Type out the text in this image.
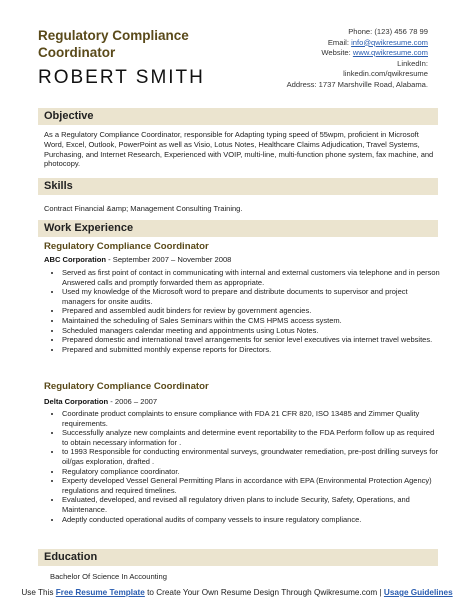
Regulatory Compliance Coordinator
ROBERT SMITH
Phone: (123) 456 78 99
Email: info@qwikresume.com
Website: www.qwikresume.com
LinkedIn:
linkedin.com/qwikresume
Address: 1737 Marshville Road, Alabama.
Objective
As a Regulatory Compliance Coordinator, responsible for Adapting typing speed of 55wpm, proficient in Microsoft Word, Excel, Outlook, PowerPoint as well as Visio, Lotus Notes, Healthcare Claims Adjudication, Travel Systems, Purchasing, and Internet Research, Experienced with VOIP, multi-line, multi-function phone system, fax machine, and photocopy.
Skills
Contract Financial &amp; Management Consulting Training.
Work Experience
Regulatory Compliance Coordinator
ABC Corporation - September 2007 – November 2008
• Served as first point of contact in communicating with internal and external customers via telephone and in person Answered calls and promptly forwarded them as appropriate.
• Used my knowledge of the Microsoft word to prepare and distribute documents to supervisor and project managers for onsite audits.
• Prepared and assembled audit binders for review by government agencies.
• Maintained the scheduling of Sales Seminars within the CMS HPMS access system.
• Scheduled managers calendar meeting and appointments using Lotus Notes.
• Prepared domestic and international travel arrangements for senior level executives via internet travel websites.
• Prepared and submitted monthly expense reports for Directors.
Regulatory Compliance Coordinator
Delta Corporation - 2006 – 2007
• Coordinate product complaints to ensure compliance with FDA 21 CFR 820, ISO 13485 and Zimmer Quality requirements.
• Successfully analyze new complaints and determine event reportability to the FDA Perform follow up as required to obtain necessary information for .
• to 1993 Responsible for conducting environmental surveys, groundwater remediation, pre-post drilling surveys for oil/gas exploration, drafted .
• Regulatory compliance coordinator.
• Experty developed Vessel General Permitting Plans in accordance with EPA (Environmental Protection Agency) regulations and required timelines.
• Evaluated, developed, and revised all regulatory driven plans to include Security, Safety, Operations, and Maintenance.
• Adeptly conducted operational audits of company vessels to insure regulatory compliance.
Education
Bachelor Of Science In Accounting
Use This Free Resume Template to Create Your Own Resume Design Through Qwikresume.com | Usage Guidelines
